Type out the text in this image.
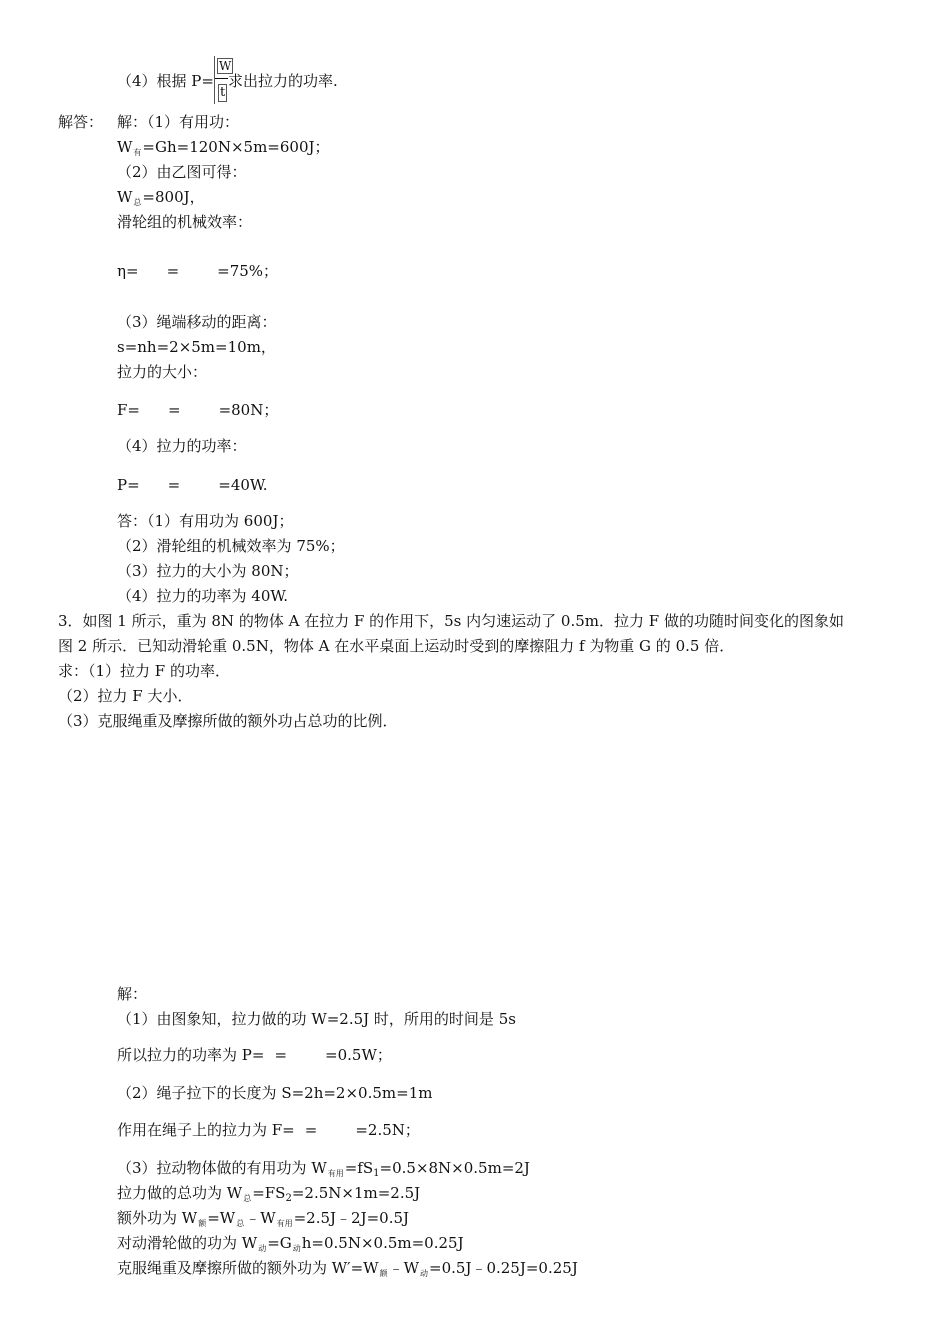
（4）根据 P= 求出拉力的功率.
$\frac{W}{t}$
解答： 解：（1）有用功：
$W_有=Gh=120N\times 5m=600J$；
（2）由乙图可得：
$W_总=800J$，
滑轮组的机械效率：
η= =	=75%；
（3）绳端移动的距离：
s=nh=2×5m=10m，
拉力的大小：
F= =	=80N；
（4）拉力的功率：
P= =	=40W.
答：（1）有用功为 600J；
（2）滑轮组的机械效率为 75%；
（3）拉力的大小为 80N；
（4）拉力的功率为 40W.
3．如图 1 所示，重为 8N 的物体 A 在拉力 F 的作用下，5s 内匀速运动了 0.5m．拉力 F 做的功随时间变化的图象如
图 2 所示．已知动滑轮重 0.5N，物体 A 在水平桌面上运动时受到的摩擦阻力 f 为物重 G 的 0.5 倍．
求：（1）拉力 F 的功率．
（2）拉力 F 大小．
（3）克服绳重及摩擦所做的额外功占总功的比例．
解：
（1）由图象知，拉力做的功 W=2.5J 时，所用的时间是 5s
所以拉力的功率为 P= =	=0.5W；
（2）绳子拉下的长度为 S=2h=2×0.5m=1m
作用在绳子上的拉力为 F= =	=2.5N；
（3）拉动物体做的有用功为 $W_{有用}=fS_1=0.5\times 8N\times 0.5m=2J$
拉力做的总功为 $W_总=FS_2=2.5N\times 1m=2.5J$
额外功为 $W_额=W_总﹣W_{有用}=2.5J﹣2J=0.5J$
对动滑轮做的功为 $W_动=G_动h=0.5N\times 0.5m=0.25J$
克服绳重及摩擦所做的额外功为 $W'=W_额﹣W_动=0.5J﹣0.25J=0.25J$
